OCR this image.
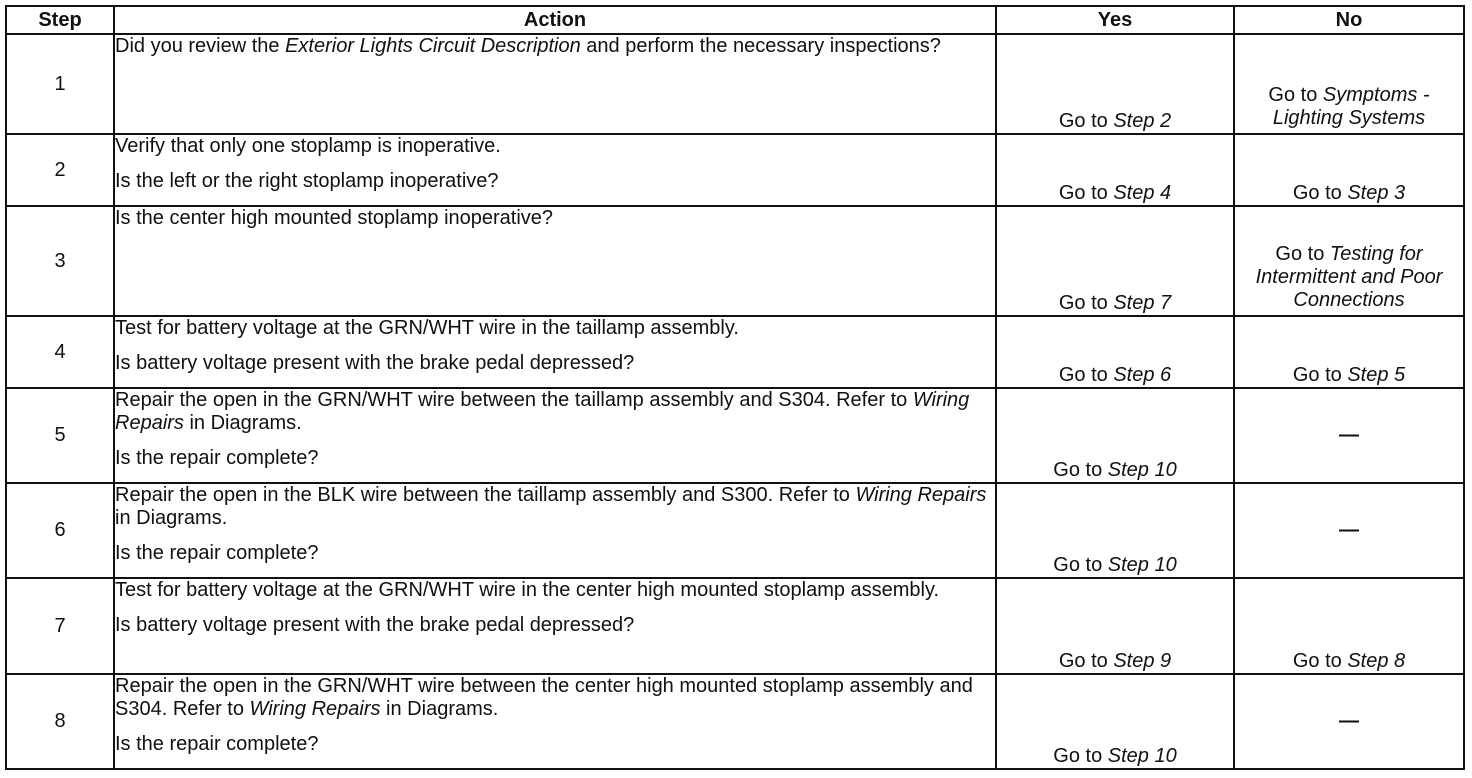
Step	Action	Yes	No
1	Did you review the Exterior Lights Circuit Description and perform the necessary inspections?	Go to Step 2	Go to Symptoms - Lighting Systems
2	Verify that only one stoplamp is inoperative.
Is the left or the right stoplamp inoperative?	Go to Step 4	Go to Step 3
3	Is the center high mounted stoplamp inoperative?	Go to Step 7	Go to Testing for Intermittent and Poor Connections
4	Test for battery voltage at the GRN/WHT wire in the taillamp assembly.
Is battery voltage present with the brake pedal depressed?	Go to Step 6	Go to Step 5
5	Repair the open in the GRN/WHT wire between the taillamp assembly and S304. Refer to Wiring Repairs in Diagrams.
Is the repair complete?	Go to Step 10	—
6	Repair the open in the BLK wire between the taillamp assembly and S300. Refer to Wiring Repairs in Diagrams.
Is the repair complete?	Go to Step 10	—
7	Test for battery voltage at the GRN/WHT wire in the center high mounted stoplamp assembly.
Is battery voltage present with the brake pedal depressed?	Go to Step 9	Go to Step 8
8	Repair the open in the GRN/WHT wire between the center high mounted stoplamp assembly and S304. Refer to Wiring Repairs in Diagrams.
Is the repair complete?	Go to Step 10	—
